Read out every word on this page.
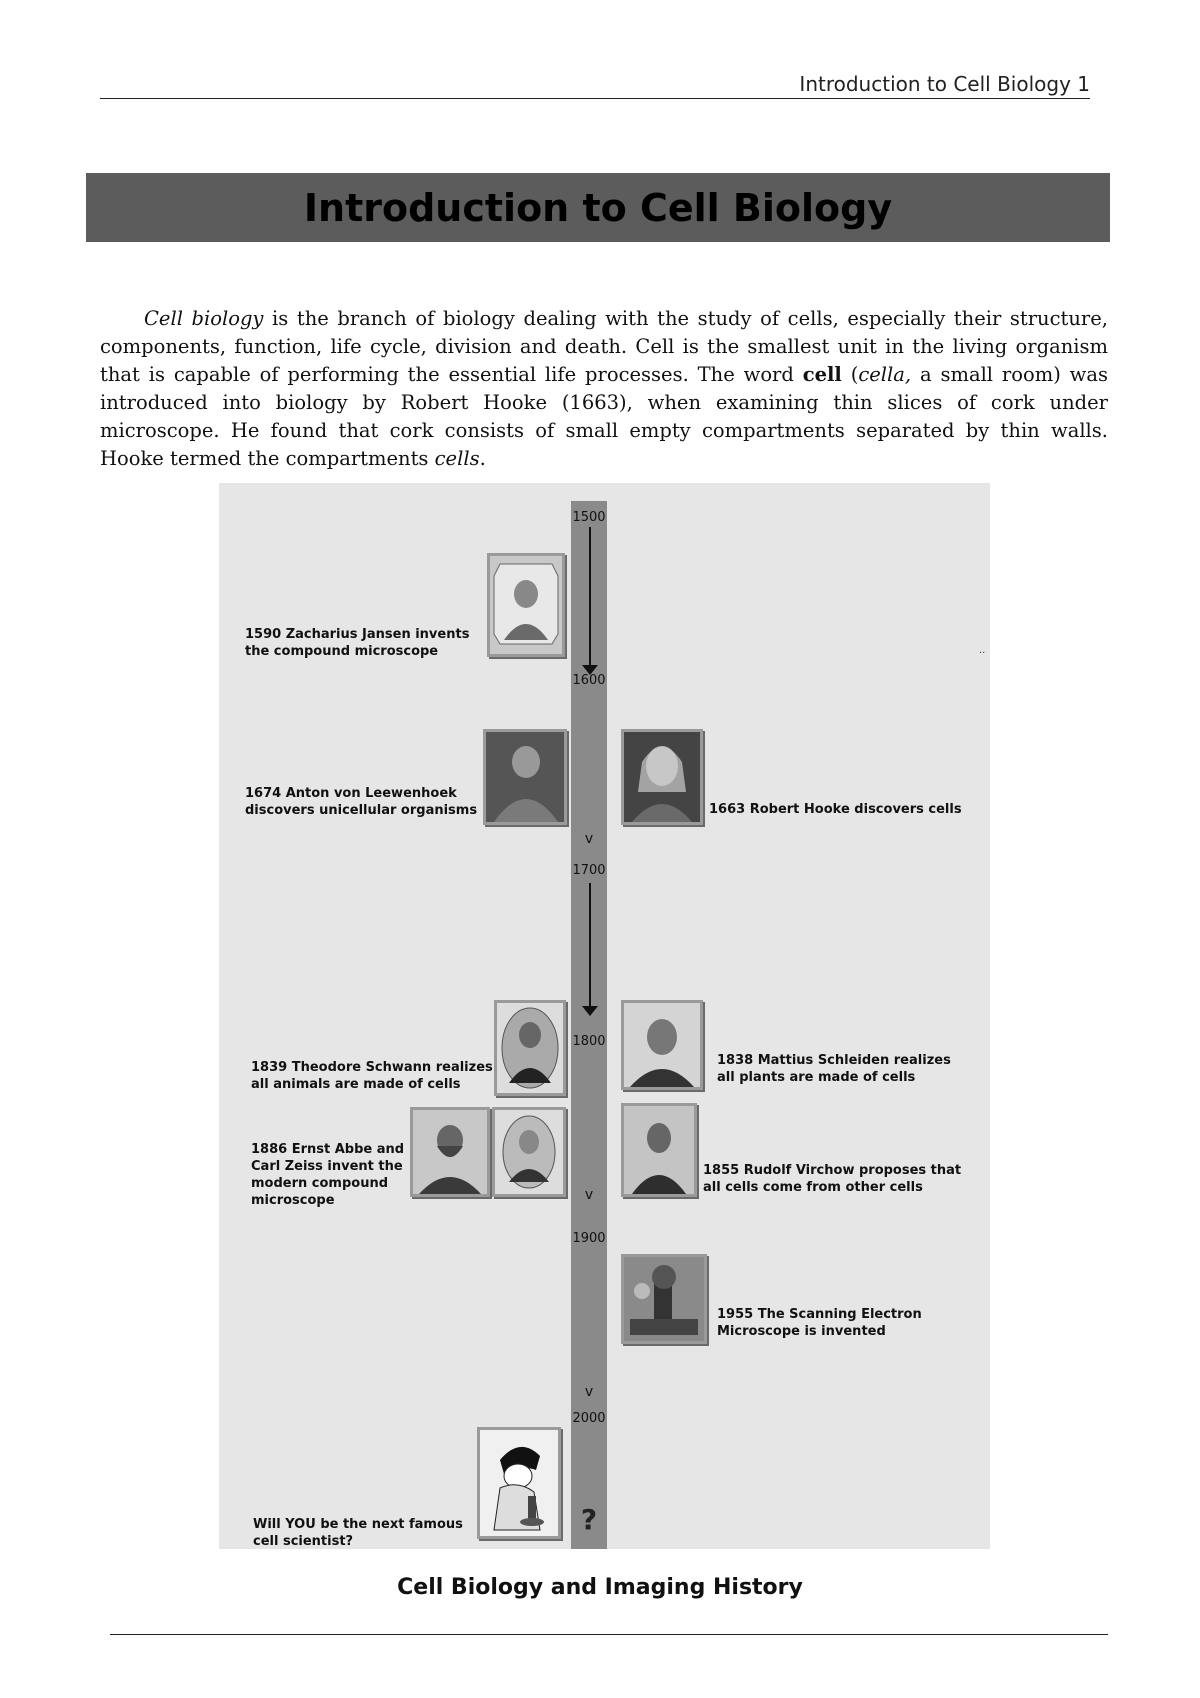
Introduction to Cell Biology 1
Introduction to Cell Biology

Cell biology is the branch of biology dealing with the study of cells, especially their structure, components, function, life cycle, division and death. Cell is the smallest unit in the living organism that is capable of performing the essential life processes. The word cell (cella, a small room) was introduced into biology by Robert Hooke (1663), when examining thin slices of cork under microscope. He found that cork consists of small empty compartments separated by thin walls. Hooke termed the compartments cells.

1500
1600
v
1700
1800
v
1900
v
2000
?
..
1590 Zacharius Jansen invents
the compound microscope
1674 Anton von Leewenhoek
discovers unicellular organisms	1663 Robert Hooke discovers cells
1839 Theodore Schwann realizes
all animals are made of cells
1838 Mattius Schleiden realizes
all plants are made of cells
1886 Ernst Abbe and
Carl Zeiss invent the
modern compound
microscope
1855 Rudolf Virchow proposes that
all cells come from other cells
1955 The Scanning Electron
Microscope is invented
Will YOU be the next famous
cell scientist?
Cell Biology and Imaging History
